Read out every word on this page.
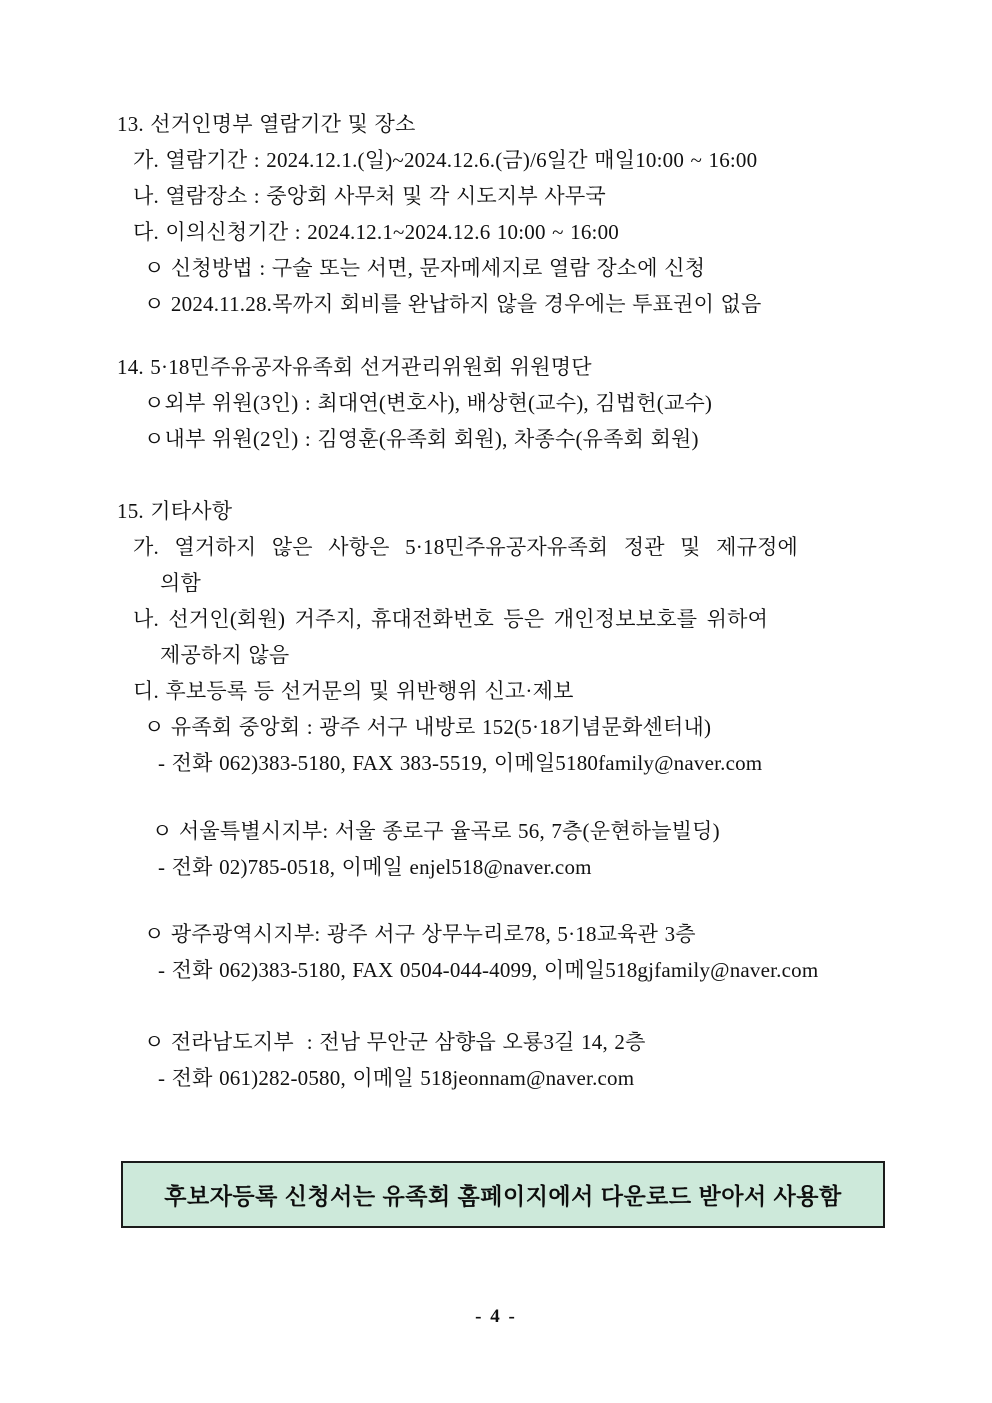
13. 선거인명부 열람기간 및 장소
가. 열람기간 : 2024.12.1.(일)~2024.12.6.(금)/6일간 매일10:00 ~ 16:00
나. 열람장소 : 중앙회 사무처 및 각 시도지부 사무국
다. 이의신청기간 : 2024.12.1~2024.12.6 10:00 ~ 16:00
ㅇ 신청방법 : 구술 또는 서면, 문자메세지로 열람 장소에 신청
ㅇ 2024.11.28.목까지 회비를 완납하지 않을 경우에는 투표권이 없음
14. 5·18민주유공자유족회 선거관리위원회 위원명단
ㅇ외부 위원(3인) : 최대연(변호사), 배상현(교수), 김법헌(교수)
ㅇ내부 위원(2인) : 김영훈(유족회 회원), 차종수(유족회 회원)
15. 기타사항
가. 열거하지 않은 사항은 5·18민주유공자유족회 정관 및 제규정에
의함
나. 선거인(회원) 거주지, 휴대전화번호 등은 개인정보보호를 위하여
제공하지 않음
디. 후보등록 등 선거문의 및 위반행위 신고·제보
ㅇ 유족회 중앙회 : 광주 서구 내방로 152(5·18기념문화센터내)
- 전화 062)383-5180, FAX 383-5519, 이메일5180family@naver.com
ㅇ 서울특별시지부: 서울 종로구 율곡로 56, 7층(운현하늘빌딩)
- 전화 02)785-0518, 이메일 enjel518@naver.com
ㅇ 광주광역시지부: 광주 서구 상무누리로78, 5·18교육관 3층
- 전화 062)383-5180, FAX 0504-044-4099, 이메일518gjfamily@naver.com
ㅇ 전라남도지부  : 전남 무안군 삼향읍 오룡3길 14, 2층
- 전화 061)282-0580, 이메일 518jeonnam@naver.com
후보자등록 신청서는 유족회 홈페이지에서 다운로드 받아서 사용함
- 4 -
